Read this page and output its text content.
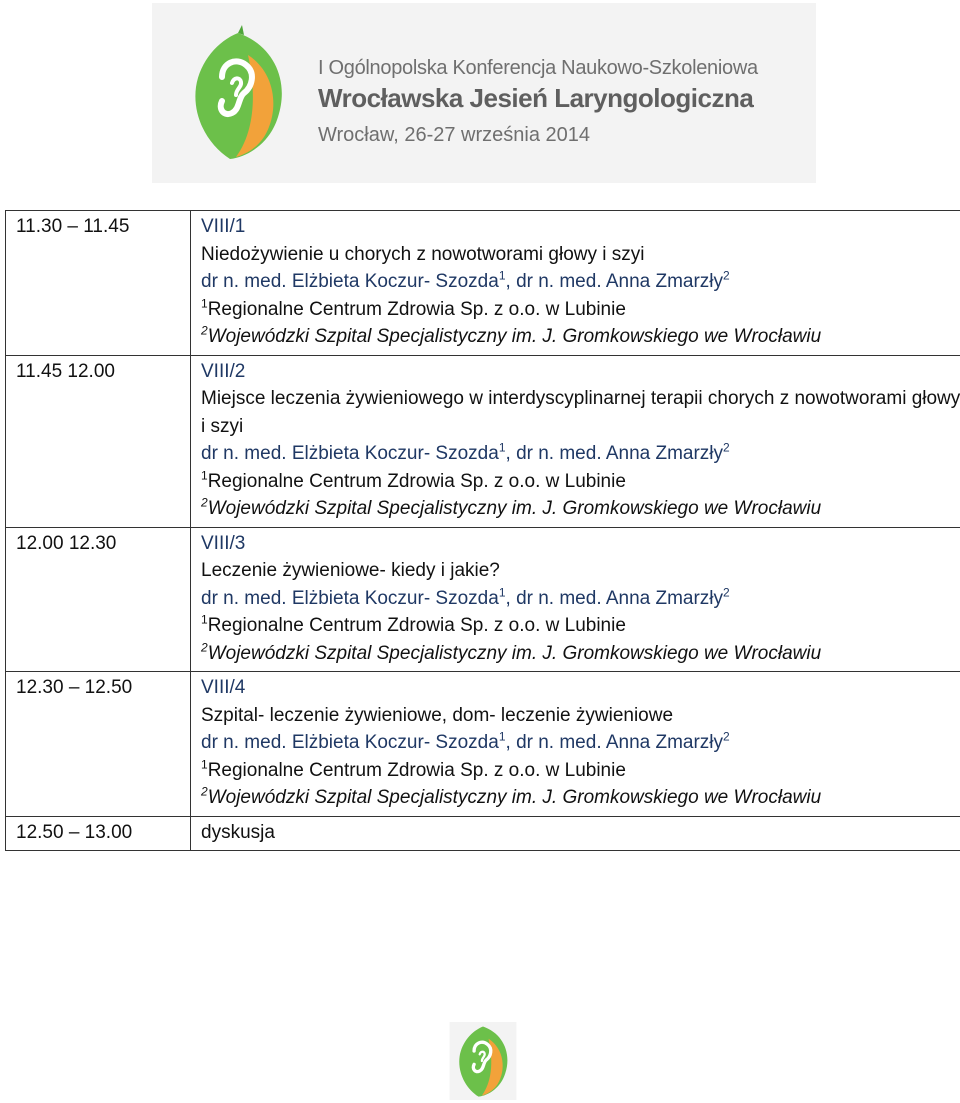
I Ogólnopolska Konferencja Naukowo-Szkoleniowa
Wrocławska Jesień Laryngologiczna
Wrocław, 26-27 września 2014
11.30 – 11.45	VIII/1
Niedożywienie u chorych z nowotworami głowy i szyi
dr n. med. Elżbieta Koczur- Szozda$^1$, dr n. med. Anna Zmarzły$^2$
$^1$Regionalne Centrum Zdrowia Sp. z o.o. w Lubinie
$^2$Wojewódzki Szpital Specjalistyczny im. J. Gromkowskiego we Wrocławiu

11.45 12.00	VIII/2
Miejsce leczenia żywieniowego w interdyscyplinarnej terapii chorych z nowotworami głowy i szyi
dr n. med. Elżbieta Koczur- Szozda$^1$, dr n. med. Anna Zmarzły$^2$
$^1$Regionalne Centrum Zdrowia Sp. z o.o. w Lubinie
$^2$Wojewódzki Szpital Specjalistyczny im. J. Gromkowskiego we Wrocławiu

12.00 12.30	VIII/3
Leczenie żywieniowe- kiedy i jakie?
dr n. med. Elżbieta Koczur- Szozda$^1$, dr n. med. Anna Zmarzły$^2$
$^1$Regionalne Centrum Zdrowia Sp. z o.o. w Lubinie
$^2$Wojewódzki Szpital Specjalistyczny im. J. Gromkowskiego we Wrocławiu

12.30 – 12.50	VIII/4
Szpital- leczenie żywieniowe, dom- leczenie żywieniowe
dr n. med. Elżbieta Koczur- Szozda$^1$, dr n. med. Anna Zmarzły$^2$
$^1$Regionalne Centrum Zdrowia Sp. z o.o. w Lubinie
$^2$Wojewódzki Szpital Specjalistyczny im. J. Gromkowskiego we Wrocławiu

12.50 – 13.00	dyskusja
